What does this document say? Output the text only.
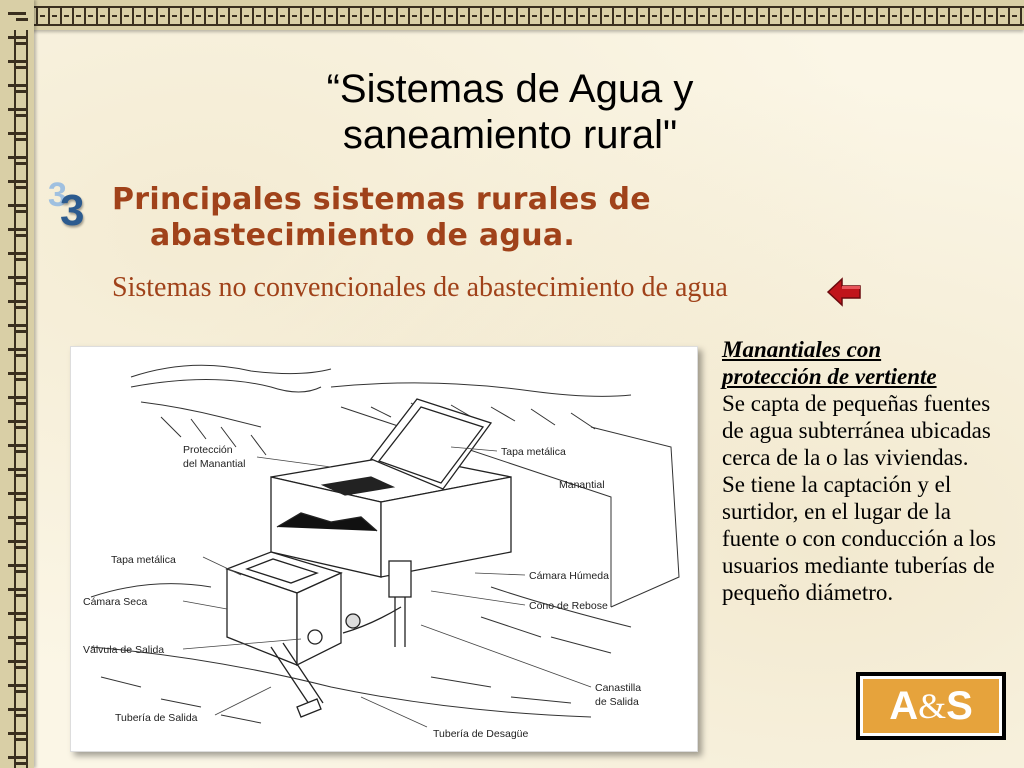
“Sistemas de Agua y saneamiento rural"
3
3 Principales sistemas rurales de abastecimiento de agua.
Sistemas no convencionales de abastecimiento de agua
Protección
del Manantial
Tapa metálica
Manantial
Tapa metálica
Cámara Húmeda
Cámara Seca	Cono de Rebose
Válvula de Salida
Canastilla
de Salida
Tubería de Salida
Tubería de Desagüe
Manantiales con
protección de vertiente

Se capta de pequeñas fuentes de agua subterránea ubicadas cerca de la o las viviendas.

Se tiene la captación y el surtidor, en el lugar de la fuente o con conducción a los usuarios mediante tuberías de pequeño diámetro.

A & S
